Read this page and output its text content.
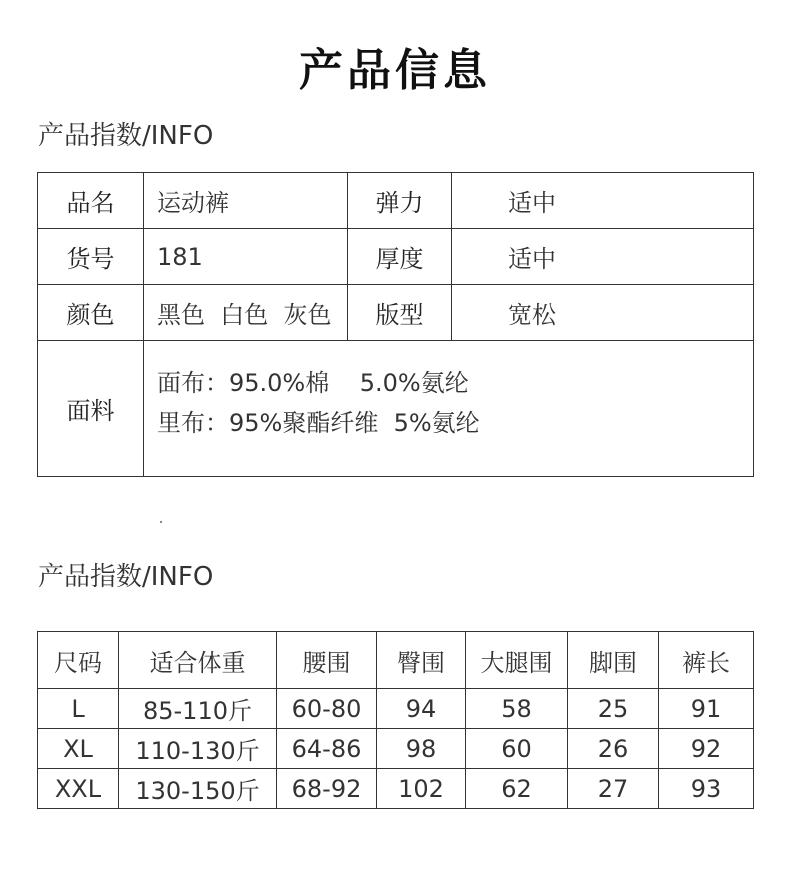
产品信息
产品指数/INFO
品名	运动裤	弹力	适中
货号	181	厚度	适中
颜色	黑色  白色  灰色	版型	宽松
面料	面布：95.0%棉    5.0%氨纶
里布：95%聚酯纤维  5%氨纶		
产品指数/INFO
尺码	适合体重	腰围	臀围	大腿围	脚围	裤长
L	85-110斤	60-80	94	58	25	91
XL	110-130斤	64-86	98	60	26	92
XXL	130-150斤	68-92	102	62	27	93
